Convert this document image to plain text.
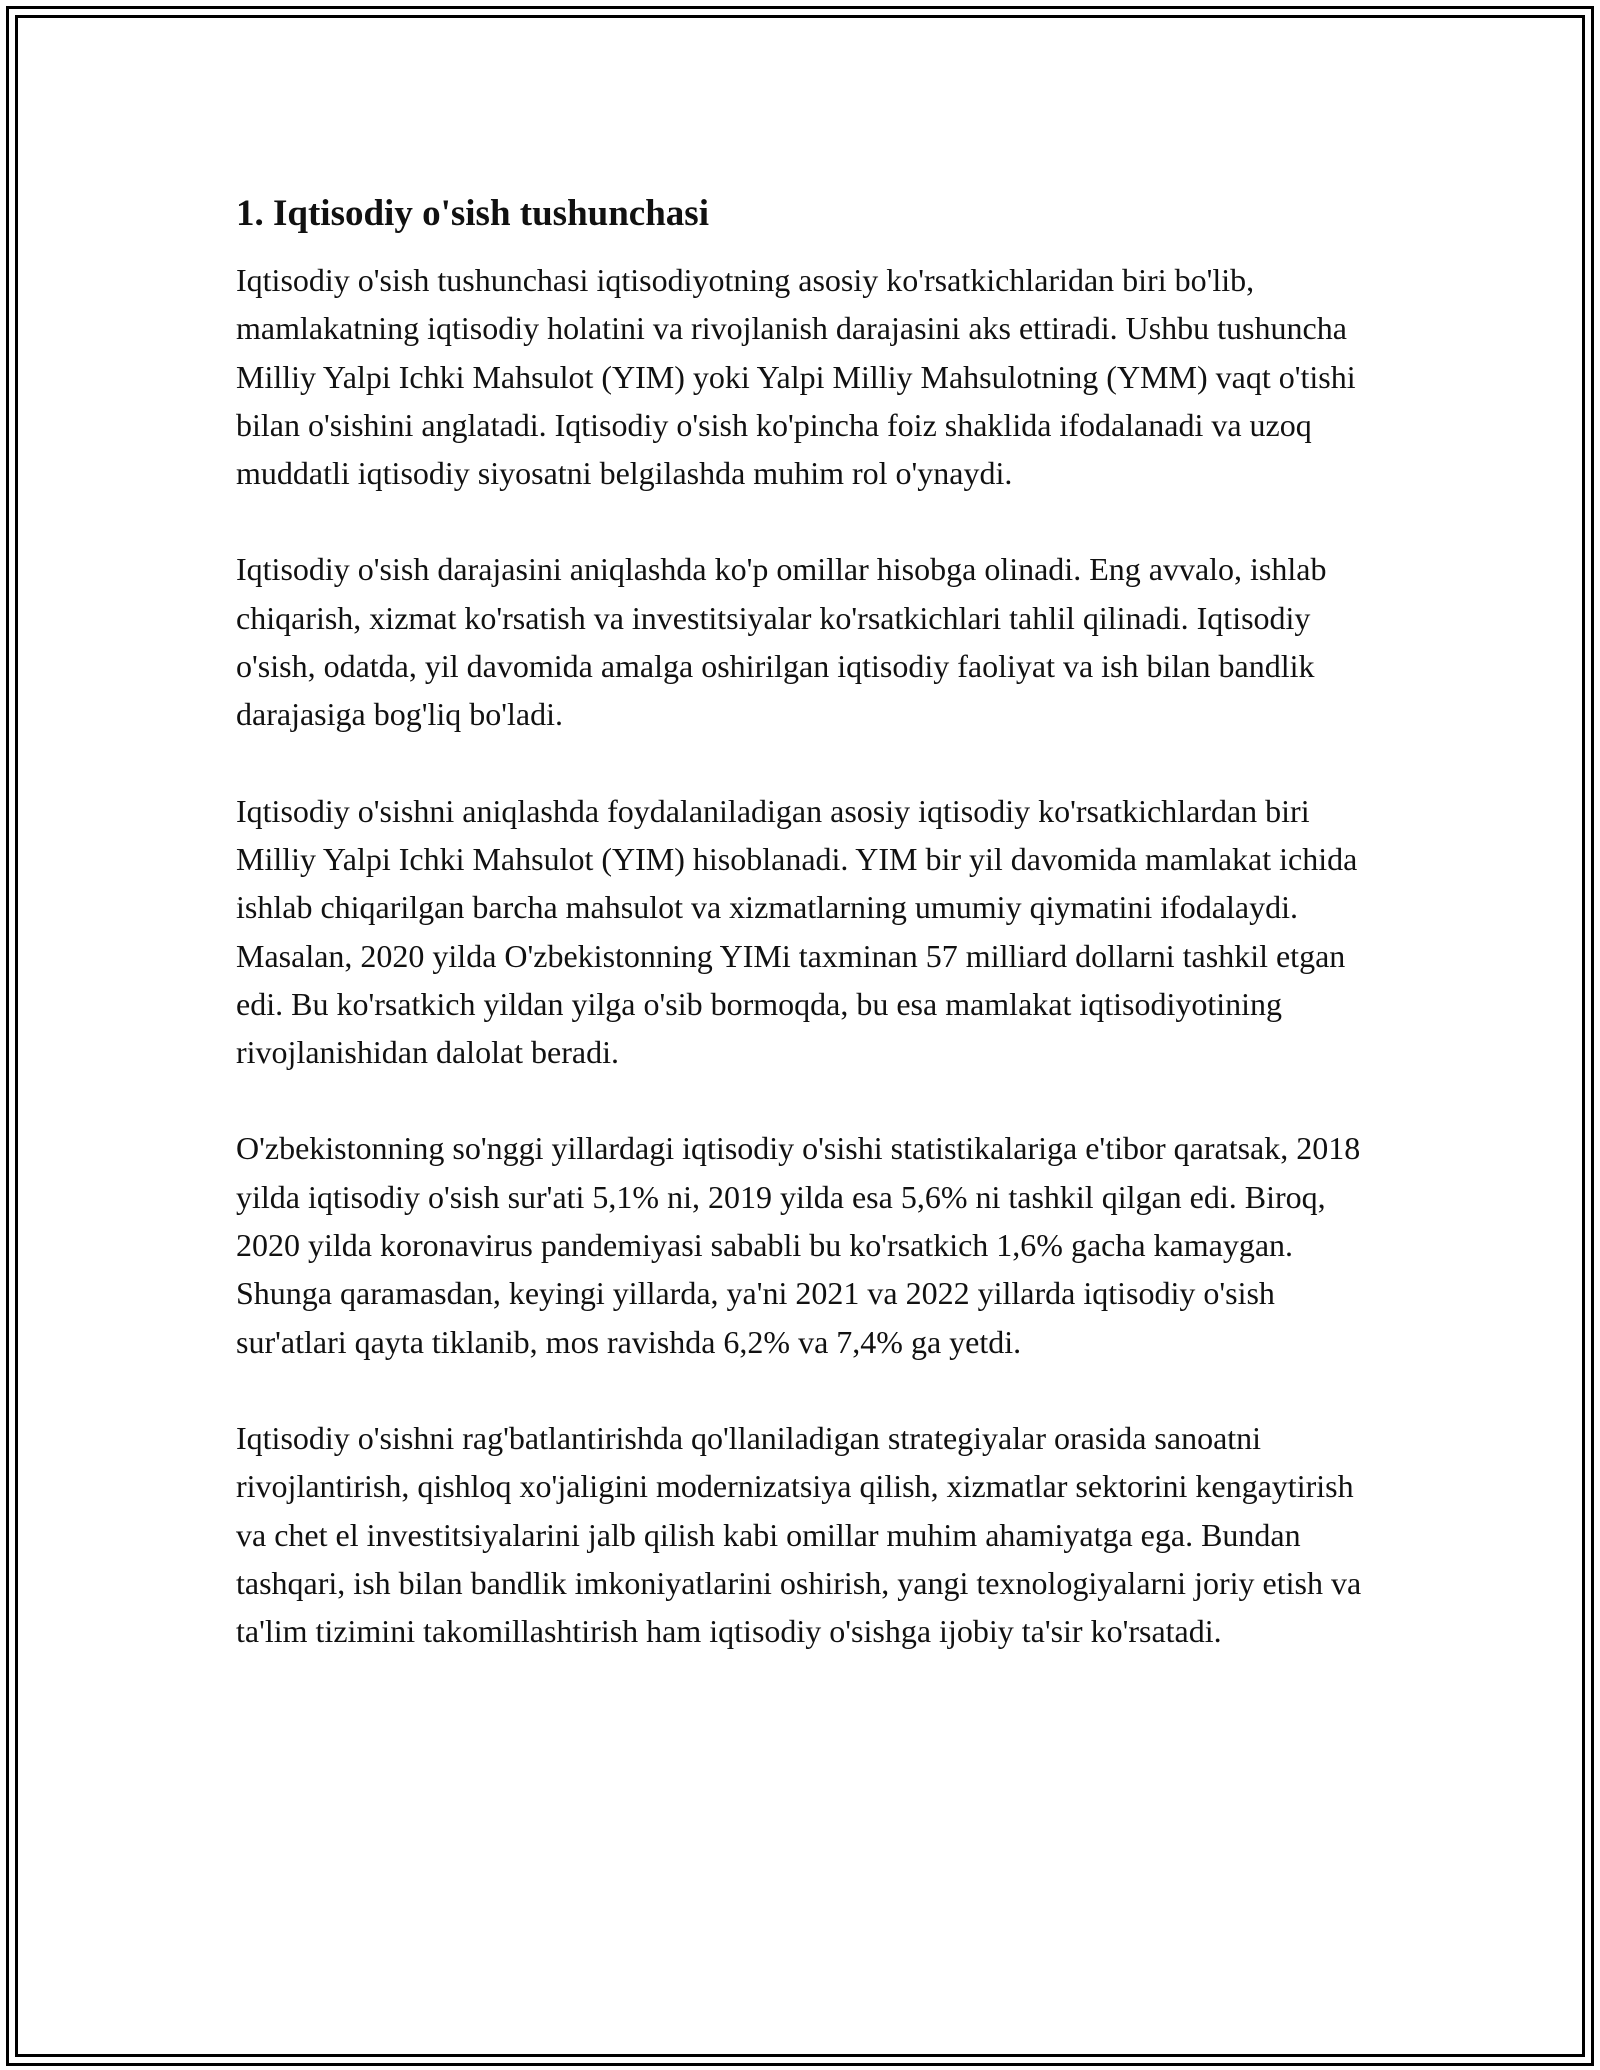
1. Iqtisodiy o'sish tushunchasi

Iqtisodiy o'sish tushunchasi iqtisodiyotning asosiy ko'rsatkichlaridan biri bo'lib, mamlakatning iqtisodiy holatini va rivojlanish darajasini aks ettiradi. Ushbu tushuncha Milliy Yalpi Ichki Mahsulot (YIM) yoki Yalpi Milliy Mahsulotning (YMM) vaqt o'tishi bilan o'sishini anglatadi. Iqtisodiy o'sish ko'pincha foiz shaklida ifodalanadi va uzoq muddatli iqtisodiy siyosatni belgilashda muhim rol o'ynaydi.

Iqtisodiy o'sish darajasini aniqlashda ko'p omillar hisobga olinadi. Eng avvalo, ishlab chiqarish, xizmat ko'rsatish va investitsiyalar ko'rsatkichlari tahlil qilinadi. Iqtisodiy o'sish, odatda, yil davomida amalga oshirilgan iqtisodiy faoliyat va ish bilan bandlik darajasiga bog'liq bo'ladi.

Iqtisodiy o'sishni aniqlashda foydalaniladigan asosiy iqtisodiy ko'rsatkichlardan biri Milliy Yalpi Ichki Mahsulot (YIM) hisoblanadi. YIM bir yil davomida mamlakat ichida ishlab chiqarilgan barcha mahsulot va xizmatlarning umumiy qiymatini ifodalaydi. Masalan, 2020 yilda O'zbekistonning YIMi taxminan 57 milliard dollarni tashkil etgan edi. Bu ko'rsatkich yildan yilga o'sib bormoqda, bu esa mamlakat iqtisodiyotining rivojlanishidan dalolat beradi.

O'zbekistonning so'nggi yillardagi iqtisodiy o'sishi statistikalariga e'tibor qaratsak, 2018 yilda iqtisodiy o'sish sur'ati 5,1% ni, 2019 yilda esa 5,6% ni tashkil qilgan edi. Biroq, 2020 yilda koronavirus pandemiyasi sababli bu ko'rsatkich 1,6% gacha kamaygan. Shunga qaramasdan, keyingi yillarda, ya'ni 2021 va 2022 yillarda iqtisodiy o'sish sur'atlari qayta tiklanib, mos ravishda 6,2% va 7,4% ga yetdi.

Iqtisodiy o'sishni rag'batlantirishda qo'llaniladigan strategiyalar orasida sanoatni rivojlantirish, qishloq xo'jaligini modernizatsiya qilish, xizmatlar sektorini kengaytirish va chet el investitsiyalarini jalb qilish kabi omillar muhim ahamiyatga ega. Bundan tashqari, ish bilan bandlik imkoniyatlarini oshirish, yangi texnologiyalarni joriy etish va ta'lim tizimini takomillashtirish ham iqtisodiy o'sishga ijobiy ta'sir ko'rsatadi.
